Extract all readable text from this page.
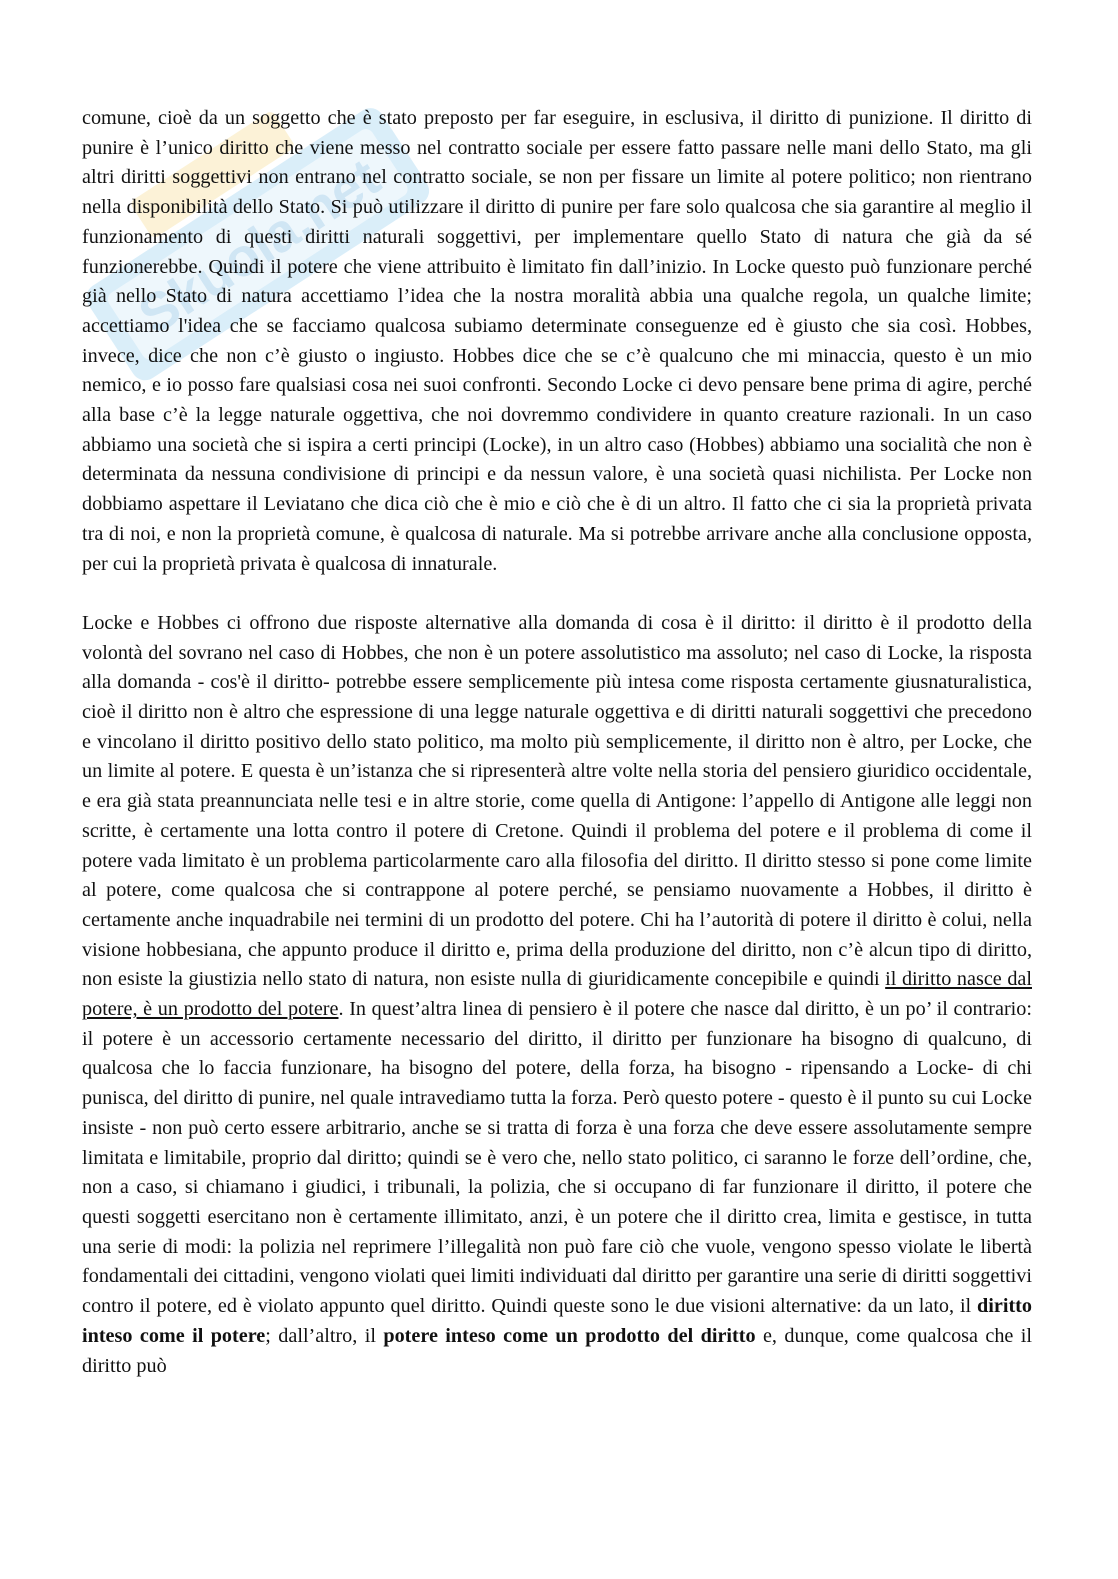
Skuola.net

comune, cioè da un soggetto che è stato preposto per far eseguire, in esclusiva, il diritto di punizione. Il diritto di punire è l’unico diritto che viene messo nel contratto sociale per essere fatto passare nelle mani dello Stato, ma gli altri diritti soggettivi non entrano nel contratto sociale, se non per fissare un limite al potere politico; non rientrano nella disponibilità dello Stato. Si può utilizzare il diritto di punire per fare solo qualcosa che sia garantire al meglio il funzionamento di questi diritti naturali soggettivi, per implementare quello Stato di natura che già da sé funzionerebbe. Quindi il potere che viene attribuito è limitato fin dall’inizio. In Locke questo può funzionare perché già nello Stato di natura accettiamo l’idea che la nostra moralità abbia una qualche regola, un qualche limite; accettiamo l'idea che se facciamo qualcosa subiamo determinate conseguenze ed è giusto che sia così. Hobbes, invece, dice che non c’è giusto o ingiusto. Hobbes dice che se c’è qualcuno che mi minaccia, questo è un mio nemico, e io posso fare qualsiasi cosa nei suoi confronti. Secondo Locke ci devo pensare bene prima di agire, perché alla base c’è la legge naturale oggettiva, che noi dovremmo condividere in quanto creature razionali. In un caso abbiamo una società che si ispira a certi principi (Locke), in un altro caso (Hobbes) abbiamo una socialità che non è determinata da nessuna condivisione di principi e da nessun valore, è una società quasi nichilista. Per Locke non dobbiamo aspettare il Leviatano che dica ciò che è mio e ciò che è di un altro. Il fatto che ci sia la proprietà privata tra di noi, e non la proprietà comune, è qualcosa di naturale. Ma si potrebbe arrivare anche alla conclusione opposta, per cui la proprietà privata è qualcosa di innaturale.

Locke e Hobbes ci offrono due risposte alternative alla domanda di cosa è il diritto: il diritto è il prodotto della volontà del sovrano nel caso di Hobbes, che non è un potere assolutistico ma assoluto; nel caso di Locke, la risposta alla domanda - cos'è il diritto- potrebbe essere semplicemente più intesa come risposta certamente giusnaturalistica, cioè il diritto non è altro che espressione di una legge naturale oggettiva e di diritti naturali soggettivi che precedono e vincolano il diritto positivo dello stato politico, ma molto più semplicemente, il diritto non è altro, per Locke, che un limite al potere. E questa è un’istanza che si ripresenterà altre volte nella storia del pensiero giuridico occidentale, e era già stata preannunciata nelle tesi e in altre storie, come quella di Antigone: l’appello di Antigone alle leggi non scritte, è certamente una lotta contro il potere di Cretone. Quindi il problema del potere e il problema di come il potere vada limitato è un problema particolarmente caro alla filosofia del diritto. Il diritto stesso si pone come limite al potere, come qualcosa che si contrappone al potere perché, se pensiamo nuovamente a Hobbes, il diritto è certamente anche inquadrabile nei termini di un prodotto del potere. Chi ha l’autorità di potere il diritto è colui, nella visione hobbesiana, che appunto produce il diritto e, prima della produzione del diritto, non c’è alcun tipo di diritto, non esiste la giustizia nello stato di natura, non esiste nulla di giuridicamente concepibile e quindi il diritto nasce dal potere, è un prodotto del potere. In quest’altra linea di pensiero è il potere che nasce dal diritto, è un po’ il contrario: il potere è un accessorio certamente necessario del diritto, il diritto per funzionare ha bisogno di qualcuno, di qualcosa che lo faccia funzionare, ha bisogno del potere, della forza, ha bisogno - ripensando a Locke- di chi punisca, del diritto di punire, nel quale intravediamo tutta la forza. Però questo potere - questo è il punto su cui Locke insiste - non può certo essere arbitrario, anche se si tratta di forza è una forza che deve essere assolutamente sempre limitata e limitabile, proprio dal diritto; quindi se è vero che, nello stato politico, ci saranno le forze dell’ordine, che, non a caso, si chiamano i giudici, i tribunali, la polizia, che si occupano di far funzionare il diritto, il potere che questi soggetti esercitano non è certamente illimitato, anzi, è un potere che il diritto crea, limita e gestisce, in tutta una serie di modi: la polizia nel reprimere l’illegalità non può fare ciò che vuole, vengono spesso violate le libertà fondamentali dei cittadini, vengono violati quei limiti individuati dal diritto per garantire una serie di diritti soggettivi contro il potere, ed è violato appunto quel diritto. Quindi queste sono le due visioni alternative: da un lato, il diritto inteso come il potere; dall’altro, il potere inteso come un prodotto del diritto e, dunque, come qualcosa che il diritto può
